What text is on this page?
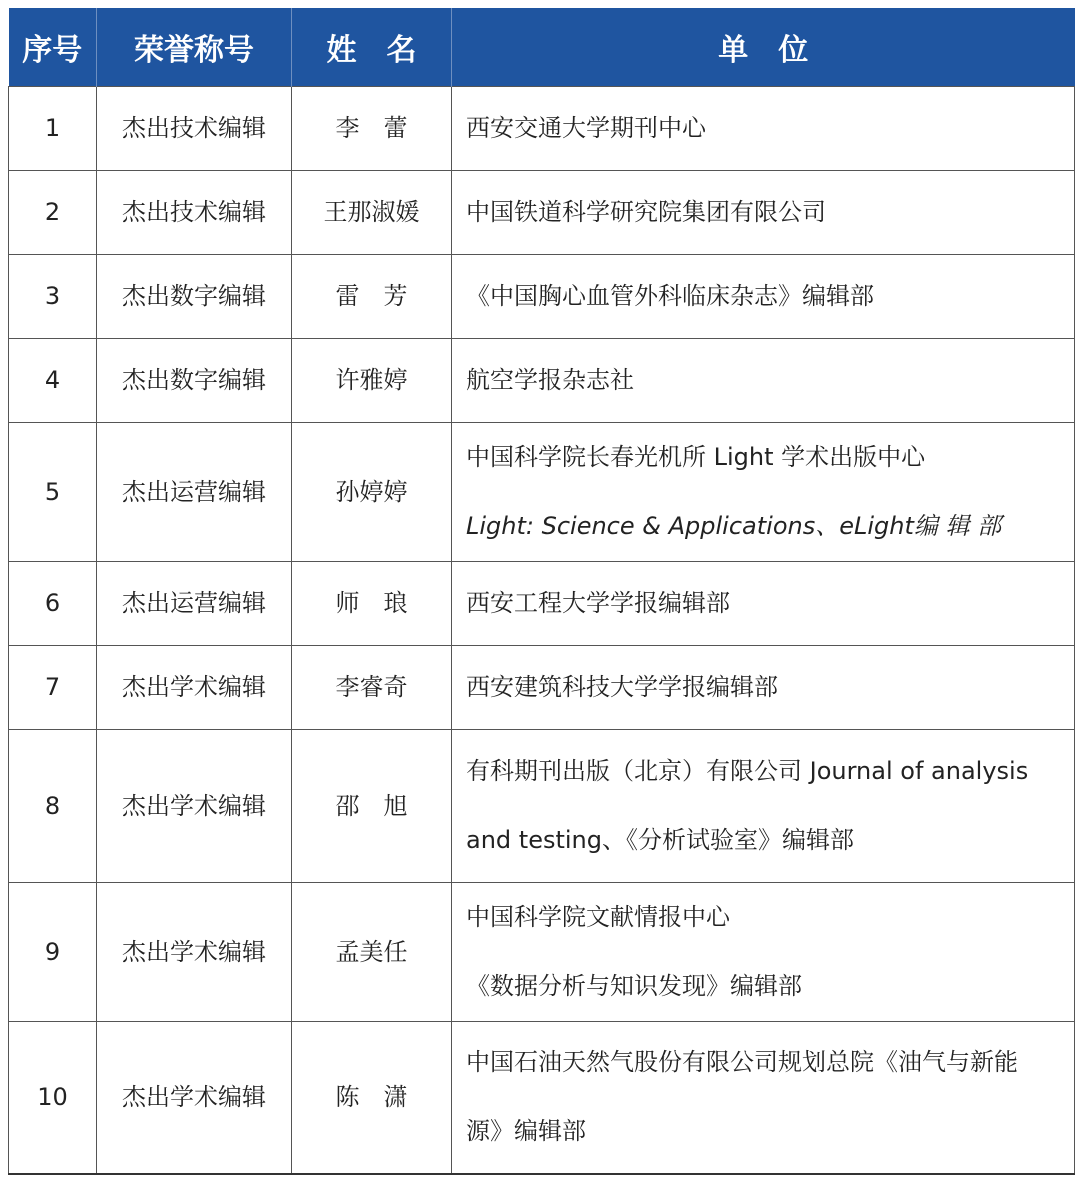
序号	荣誉称号	姓　名	单　位
1	杰出技术编辑	李　蕾	西安交通大学期刊中心

2	杰出技术编辑	王那淑媛	中国铁道科学研究院集团有限公司

3	杰出数字编辑	雷　芳	《中国胸心血管外科临床杂志》编辑部

4	杰出数字编辑	许雅婷	航空学报杂志社

5	杰出运营编辑	孙婷婷	中国科学院长春光机所 Light 学术出版中心
Light: Science & Applications、eLight编 辑 部

6	杰出运营编辑	师　琅	西安工程大学学报编辑部

7	杰出学术编辑	李睿奇	西安建筑科技大学学报编辑部

8	杰出学术编辑	邵　旭	有科期刊出版（北京）有限公司 Journal of analysis
and testing、《分析试验室》编辑部

9	杰出学术编辑	孟美任	中国科学院文献情报中心
《数据分析与知识发现》编辑部

10	杰出学术编辑	陈　潇	中国石油天然气股份有限公司规划总院《油气与新能
源》编辑部
